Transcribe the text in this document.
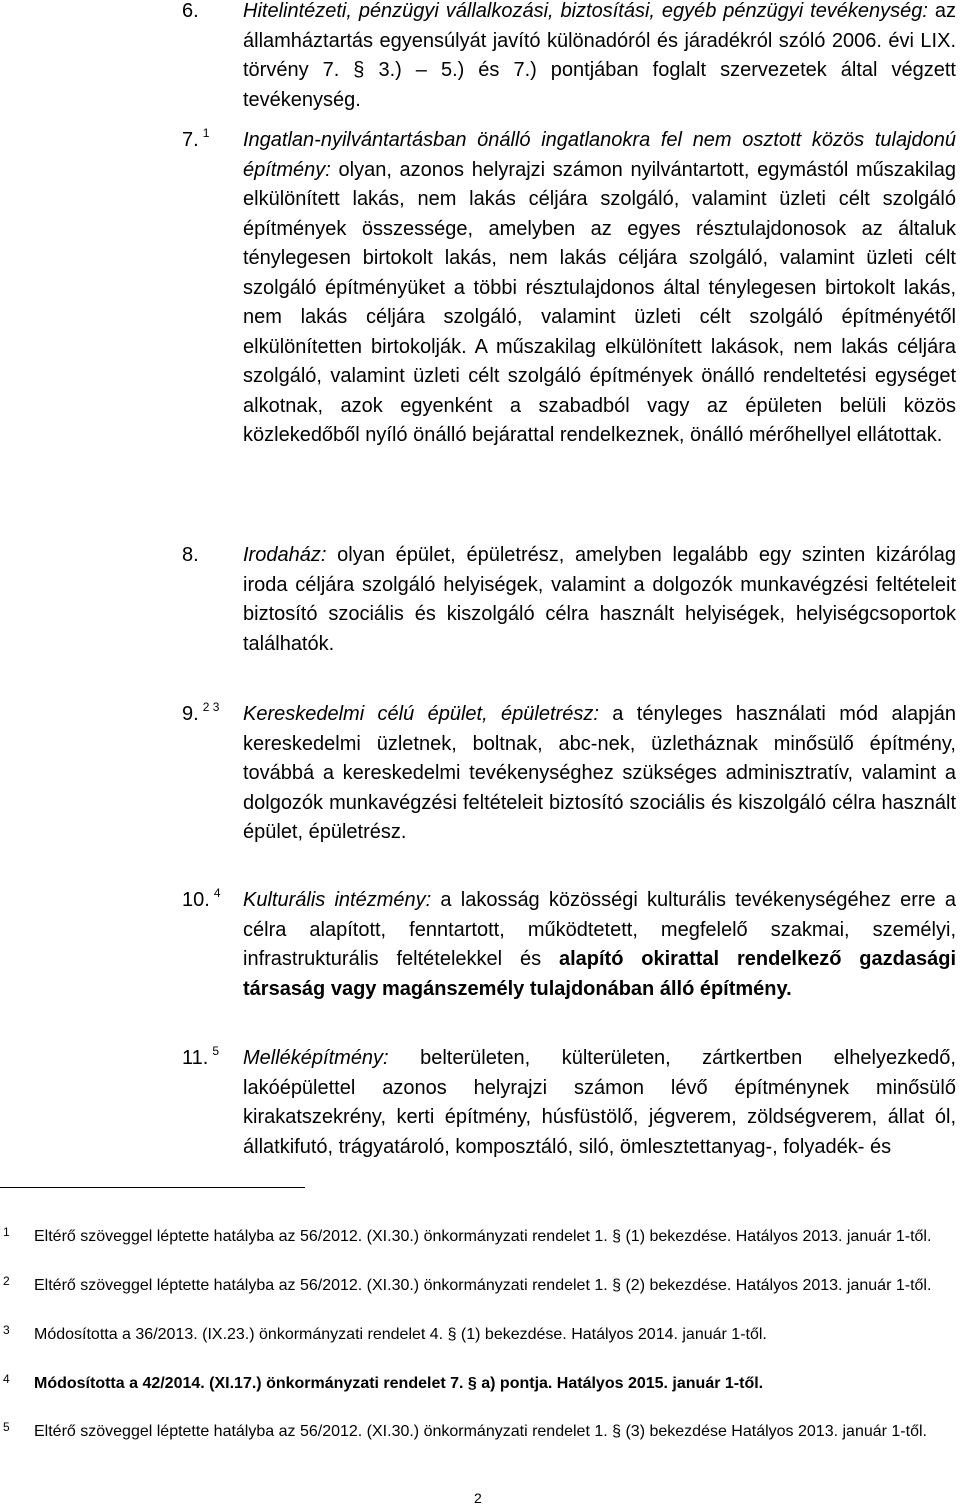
6. Hitelintézeti, pénzügyi vállalkozási, biztosítási, egyéb pénzügyi tevékenység: az államháztartás egyensúlyát javító különadóról és járadékról szóló 2006. évi LIX. törvény 7. § 3.) – 5.) és 7.) pontjában foglalt szervezetek által végzett tevékenység.
7. $^1$ Ingatlan-nyilvántartásban önálló ingatlanokra fel nem osztott közös tulajdonú építmény: olyan, azonos helyrajzi számon nyilvántartott, egymástól műszakilag elkülönített lakás, nem lakás céljára szolgáló, valamint üzleti célt szolgáló építmények összessége, amelyben az egyes résztulajdonosok az általuk ténylegesen birtokolt lakás, nem lakás céljára szolgáló, valamint üzleti célt szolgáló építményüket a többi résztulajdonos által ténylegesen birtokolt lakás, nem lakás céljára szolgáló, valamint üzleti célt szolgáló építményétől elkülönítetten birtokolják. A műszakilag elkülönített lakások, nem lakás céljára szolgáló, valamint üzleti célt szolgáló építmények önálló rendeltetési egységet alkotnak, azok egyenként a szabadból vagy az épületen belüli közös közlekedőből nyíló önálló bejárattal rendelkeznek, önálló mérőhellyel ellátottak.
8. Irodaház: olyan épület, épületrész, amelyben legalább egy szinten kizárólag iroda céljára szolgáló helyiségek, valamint a dolgozók munkavégzési feltételeit biztosító szociális és kiszolgáló célra használt helyiségek, helyiségcsoportok találhatók.
9. $^{2 3}$ Kereskedelmi célú épület, épületrész: a tényleges használati mód alapján kereskedelmi üzletnek, boltnak, abc-nek, üzletháznak minősülő építmény, továbbá a kereskedelmi tevékenységhez szükséges adminisztratív, valamint a dolgozók munkavégzési feltételeit biztosító szociális és kiszolgáló célra használt épület, épületrész.
10. $^4$ Kulturális intézmény: a lakosság közösségi kulturális tevékenységéhez erre a célra alapított, fenntartott, működtetett, megfelelő szakmai, személyi, infrastrukturális feltételekkel és alapító okirattal rendelkező gazdasági társaság vagy magánszemély tulajdonában álló építmény.
11. $^5$ Melléképítmény: belterületen, külterületen, zártkertben elhelyezkedő, lakóépülettel azonos helyrajzi számon lévő építménynek minősülő kirakatszekrény, kerti építmény, húsfüstölő, jégverem, zöldségverem, állat ól, állatkifutó, trágyatároló, komposztáló, siló, ömlesztettanyag-, folyadék- és
1 Eltérő szöveggel léptette hatályba az 56/2012. (XI.30.) önkormányzati rendelet 1. § (1) bekezdése. Hatályos 2013. január 1-től.
2 Eltérő szöveggel léptette hatályba az 56/2012. (XI.30.) önkormányzati rendelet 1. § (2) bekezdése. Hatályos 2013. január 1-től.
3 Módosította a 36/2013. (IX.23.) önkormányzati rendelet 4. § (1) bekezdése. Hatályos 2014. január 1-től.
4 Módosította a 42/2014. (XI.17.) önkormányzati rendelet 7. § a) pontja. Hatályos 2015. január 1-től.
5 Eltérő szöveggel léptette hatályba az 56/2012. (XI.30.) önkormányzati rendelet 1. § (3) bekezdése Hatályos 2013. január 1-től.
2
